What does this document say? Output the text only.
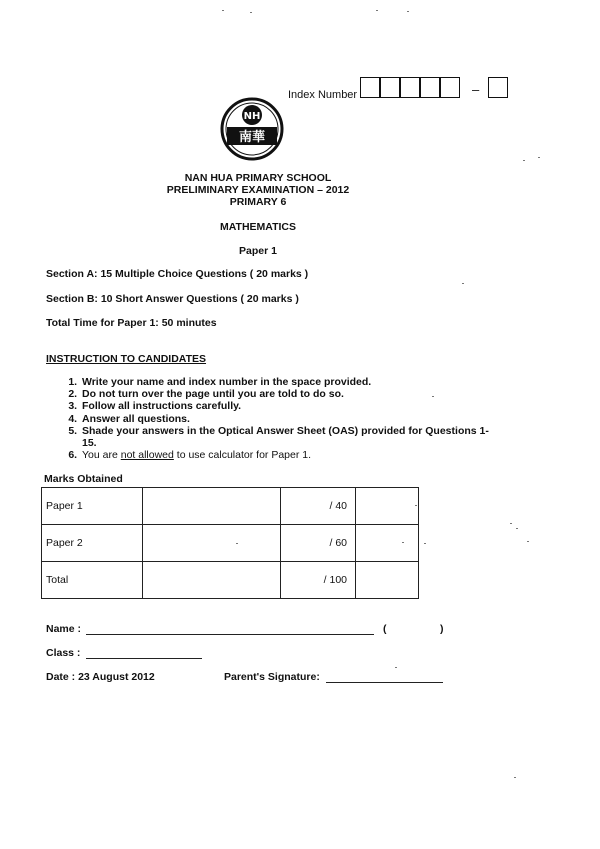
Index Number	–
NH
南華
NAN HUA PRIMARY SCHOOL
PRELIMINARY EXAMINATION – 2012
PRIMARY 6
MATHEMATICS
Paper 1
Section A: 15 Multiple Choice Questions ( 20 marks )
Section B: 10 Short Answer Questions ( 20 marks )
Total Time for Paper 1: 50 minutes
INSTRUCTION TO CANDIDATES
1. Write your name and index number in the space provided.
2. Do not turn over the page until you are told to do so.
3. Follow all instructions carefully.
4. Answer all questions.
5. Shade your answers in the Optical Answer Sheet (OAS) provided for Questions 1-15.
6. You are not allowed to use calculator for Paper 1.
Marks Obtained
Paper 1		/ 40	
Paper 2		/ 60	
Total		/ 100	
Name :	(	)
Class :
Date : 23 August 2012	Parent's Signature:
